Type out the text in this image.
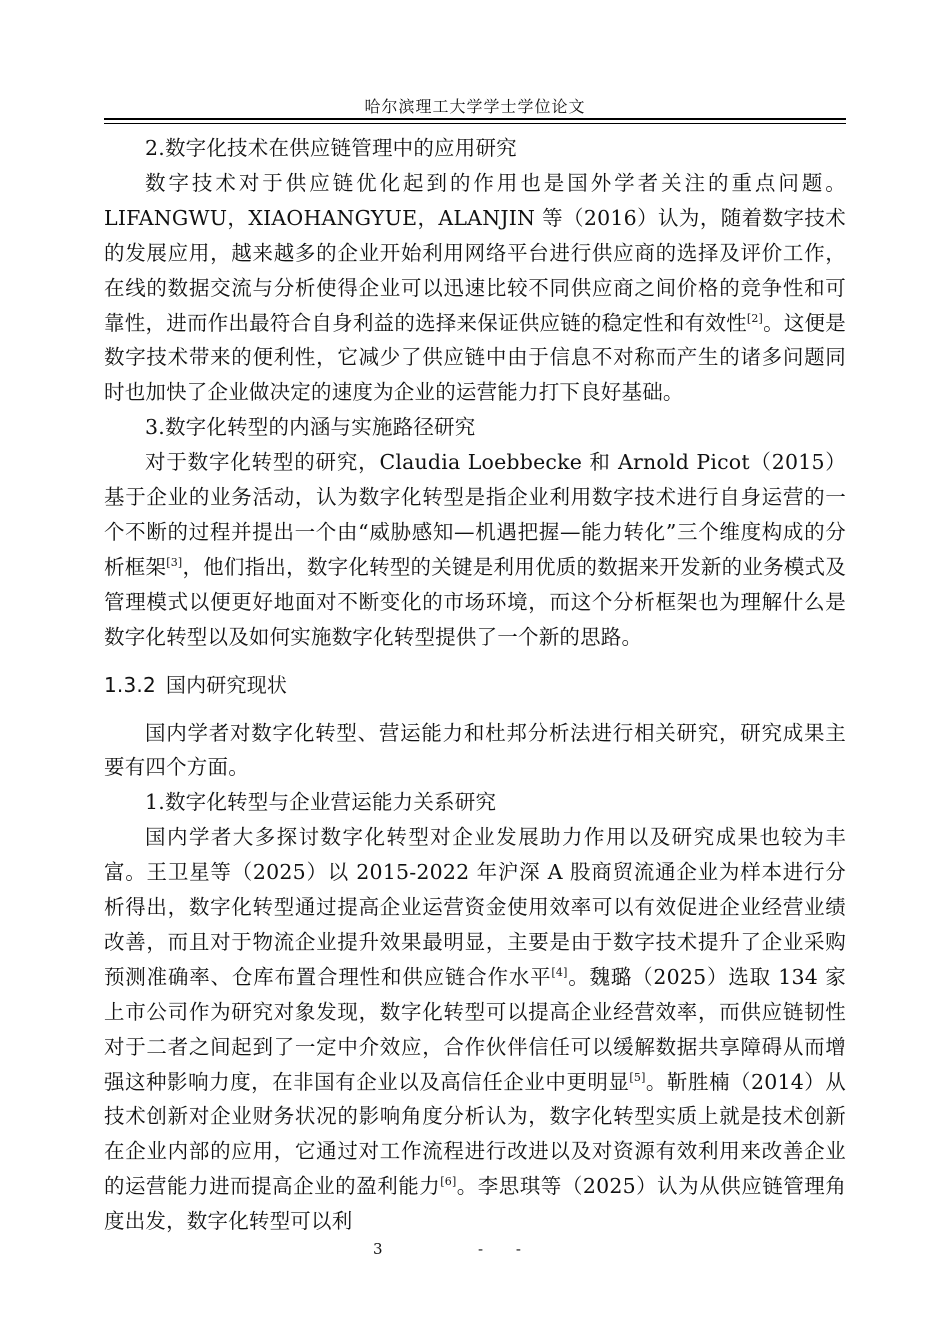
哈尔滨理工大学学士学位论文

2.数字化技术在供应链管理中的应用研究

数字技术对于供应链优化起到的作用也是国外学者关注的重点问题。LIFANGWU，XIAOHANGYUE，ALANJIN 等（2016）认为，随着数字技术的发展应用，越来越多的企业开始利用网络平台进行供应商的选择及评价工作，在线的数据交流与分析使得企业可以迅速比较不同供应商之间价格的竞争性和可靠性，进而作出最符合自身利益的选择来保证供应链的稳定性和有效性[2]。这便是数字技术带来的便利性，它减少了供应链中由于信息不对称而产生的诸多问题同时也加快了企业做决定的速度为企业的运营能力打下良好基础。

3.数字化转型的内涵与实施路径研究

对于数字化转型的研究，Claudia Loebbecke 和 Arnold Picot（2015）基于企业的业务活动，认为数字化转型是指企业利用数字技术进行自身运营的一个不断的过程并提出一个由“威胁感知—机遇把握—能力转化”三个维度构成的分析框架[3]，他们指出，数字化转型的关键是利用优质的数据来开发新的业务模式及管理模式以便更好地面对不断变化的市场环境，而这个分析框架也为理解什么是数字化转型以及如何实施数字化转型提供了一个新的思路。

1.3.2 国内研究现状

国内学者对数字化转型、营运能力和杜邦分析法进行相关研究，研究成果主要有四个方面。

1.数字化转型与企业营运能力关系研究

国内学者大多探讨数字化转型对企业发展助力作用以及研究成果也较为丰富。王卫星等（2025）以 2015-2022 年沪深 A 股商贸流通企业为样本进行分析得出，数字化转型通过提高企业运营资金使用效率可以有效促进企业经营业绩改善，而且对于物流企业提升效果最明显，主要是由于数字技术提升了企业采购预测准确率、仓库布置合理性和供应链合作水平[4]。魏璐（2025）选取 134 家上市公司作为研究对象发现，数字化转型可以提高企业经营效率，而供应链韧性对于二者之间起到了一定中介效应，合作伙伴信任可以缓解数据共享障碍从而增强这种影响力度，在非国有企业以及高信任企业中更明显[5]。靳胜楠（2014）从技术创新对企业财务状况的影响角度分析认为，数字化转型实质上就是技术创新在企业内部的应用，它通过对工作流程进行改进以及对资源有效利用来改善企业的运营能力进而提高企业的盈利能力[6]。李思琪等（2025）认为从供应链管理角度出发，数字化转型可以利

3	- -
